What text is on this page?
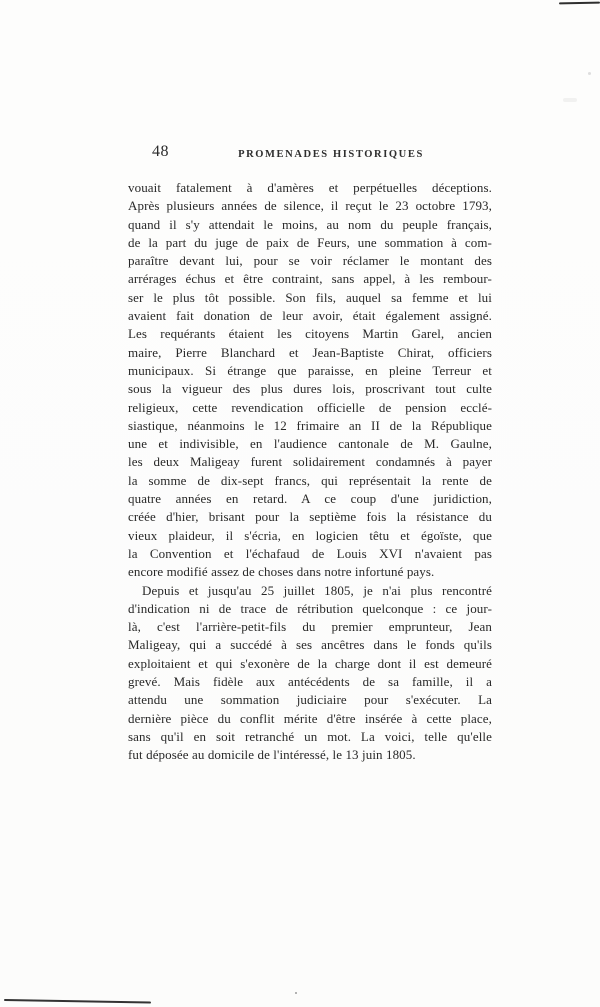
48	PROMENADES HISTORIQUES
vouait fatalement à d'amères et perpétuelles déceptions.
Après plusieurs années de silence, il reçut le 23 octobre 1793,
quand il s'y attendait le moins, au nom du peuple français,
de la part du juge de paix de Feurs, une sommation à com-
paraître devant lui, pour se voir réclamer le montant des
arrérages échus et être contraint, sans appel, à les rembour-
ser le plus tôt possible. Son fils, auquel sa femme et lui
avaient fait donation de leur avoir, était également assigné.
Les requérants étaient les citoyens Martin Garel, ancien
maire, Pierre Blanchard et Jean-Baptiste Chirat, officiers
municipaux. Si étrange que paraisse, en pleine Terreur et
sous la vigueur des plus dures lois, proscrivant tout culte
religieux, cette revendication officielle de pension ecclé-
siastique, néanmoins le 12 frimaire an II de la République
une et indivisible, en l'audience cantonale de M. Gaulne,
les deux Maligeay furent solidairement condamnés à payer
la somme de dix-sept francs, qui représentait la rente de
quatre années en retard. A ce coup d'une juridiction,
créée d'hier, brisant pour la septième fois la résistance du
vieux plaideur, il s'écria, en logicien têtu et égoïste, que
la Convention et l'échafaud de Louis XVI n'avaient pas
encore modifié assez de choses dans notre infortuné pays.
Depuis et jusqu'au 25 juillet 1805, je n'ai plus rencontré
d'indication ni de trace de rétribution quelconque : ce jour-
là, c'est l'arrière-petit-fils du premier emprunteur, Jean
Maligeay, qui a succédé à ses ancêtres dans le fonds qu'ils
exploitaient et qui s'exonère de la charge dont il est demeuré
grevé. Mais fidèle aux antécédents de sa famille, il a
attendu une sommation judiciaire pour s'exécuter. La
dernière pièce du conflit mérite d'être insérée à cette place,
sans qu'il en soit retranché un mot. La voici, telle qu'elle
fut déposée au domicile de l'intéressé, le 13 juin 1805.
